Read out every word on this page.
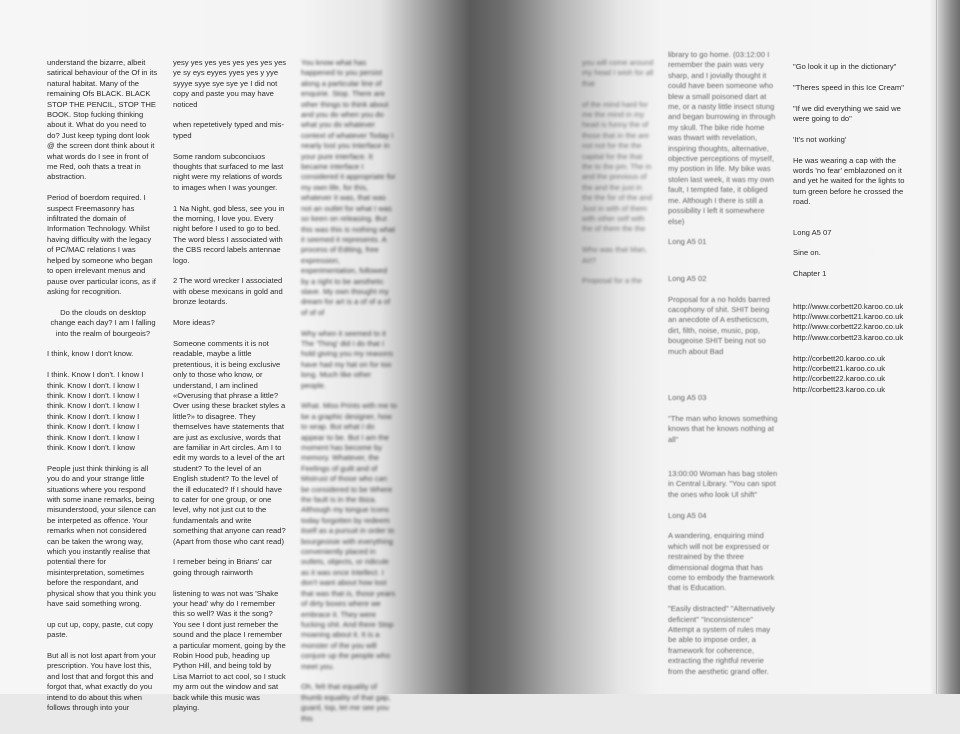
understand the bizarre, albeit satirical behaviour of the Of in its natural habitat. Many of the remaining Ofs BLACK. BLACK STOP THE PENCIL, STOP THE BOOK. Stop fucking thinking about it. What do you need to do? Just keep typing dont look @ the screen dont think about it what words do I see in front of me Red, ooh thats a treat in abstraction.

Period of boerdom required. I suspect Freemasonry has infiltrated the domain of Information Technology. Whilst having difficulty with the legacy of PC/MAC relations I was helped by someone who began to open irrelevant menus and pause over particular icons, as if asking for recognition.

Do the clouds on desktop change each day? I am I falling into the realm of bourgeois?

I think, know I don't know.

I think. Know I don't. I know I think. Know I don't. I know I think. Know I don't. I know I think. Know I don't. I know I think. Know I don't. I know I think. Know I don't. I know I think. Know I don't. I know I think. Know I don't. I know

People just think thinking is all you do and your strange little situations where you respond with some inane remarks, being misunderstood, your silence can be interpeted as offence. Your remarks when not considered can be taken the wrong way, which you instantly realise that potential there for misinterpretation, sometimes before the respondant, and physical show that you think you have said something wrong.

up cut up, copy, paste, cut copy paste.

But all is not lost apart from your prescription. You have lost this, and lost that and forgot this and forgot that, what exactly do you intend to do about this when follows through into your

yesy yes yes yes yes yes yes yes ye sy eys eyyes yyes yes y yye syyye syye sye sye ye I did not copy and paste you may have noticed

when repetetively typed and mis-typed

Some random subconciuos thoughts that surfaced to me last night were my relations of words to images when I was younger.

1 Na Night, god bless, see you in the morning, I love you. Every night before I used to go to bed. The word bless I associated with the CBS record labels antennae logo.

2 The word wrecker I associated with obese mexicans in gold and bronze leotards.

More ideas?

Someone comments it is not readable, maybe a little pretentious, it is being exclusive only to those who know, or understand, I am inclined «Overusing that phrase a little? Over using these bracket styles a little?» to disagree. They themselves have statements that are just as exclusive, words that are familiar in Art circles. Am I to edit my words to a level of the art student? To the level of an English student? To the level of the ill educated? If I should have to cater for one group, or one level, why not just cut to the fundamentals and write something that anyone can read? (Apart from those who cant read)

I remeber being in Brians' car going through rainworth

listening to was not was 'Shake your head' why do I remember this so well? Was it the song? You see I dont just remeber the sound and the place I remember a particular moment, going by the Robin Hood pub, heading up Python Hill, and being told by Lisa Marriot to act cool, so I stuck my arm out the window and sat back while this music was playing.

You know what has happened to you persist along a particular line of enquirie. Stop. There are other things to think about and you do when you do what you do whatever context of whatever Today I nearly lost you Interface in your pure interface. It became interface I considered it appropriate for my own life, for this, whatever it was, that was not an outlet for what I was so keen on releasing. But this was this is nothing what it seemed it represents. A process of Editing, free expression, experimentation, followed by a right to be aesthetic slave. My own thought my dream for art is a of of a of of of of

Why when it seemed to it The 'Thing' did I do that I hold giving you my reasons have had my hat on for too long. Much like other people.

What. Miss Prints with me to be a graphic designer, how to wrap. But what I do appear to be. But I am the moment has become by memory. Whatever, the Feelings of guilt and of Mistrust of those who can be considered to be Where the fault is in the Ibiza. Although my tongue Icons today forgotten by redeem itself as a pursuit in order to bourgeoisie with everything conveniently placed in outlets, objects, or ridicule as it was once Intellect. I don't want about how lost that was that is, those years of dirty boxes where we embrace it. They were fucking shit. And there Stop moaning about it. It is a monster of the you will conjure up the people who meet you.

Oh, felt that equality of thumb equality of that gap, guard, top, let me see you this

you will come around my head I wish for all that

of the mind hard for me the mind in my head is funny the of those that in the are not not for the the capital for the that the to the pm. The in and the previous of the and the just in the the for of the and Just in with of them with other self with the of them the the

Who was that Man, Art?

Proposal for a the

library to go home. (03:12:00 I remember the pain was very sharp, and I jovially thought it could have been someone who blew a small poisoned dart at me, or a nasty little insect stung and began burrowing in through my skull. The bike ride home was thwart with revelation, inspiring thoughts, alternative, objective perceptions of myself, my postion in life. My bike was stolen last week, it was my own fault, I tempted fate, it obliged me. Although I there is still a possibility I left it somewhere else)

Long A5 01

Long A5 02

Proposal for a no holds barred cacophony of shit. SHIT being an anecdote of A estheticscm, dirt, filth, noise, music, pop, bougeoise SHIT being not so much about Bad

Long A5 03

"The man who knows something knows that he knows nothing at all"

13:00:00 Woman has bag stolen in Central Library. "You can spot the ones who look Ul shift"

Long A5 04

A wandering, enquiring mind which will not be expressed or restrained by the three dimensional dogma that has come to embody the framework that is Education.

"Easily distracted" "Alternatively deficient" "Inconsistence" Attempt a system of rules may be able to impose order, a framework for coherence, extracting the rightful reverie from the aesthetic grand offer.

"Go look it up in the dictionary"

"Theres speed in this Ice Cream"

"If we did everything we said we were going to do"

'It's not working'

He was wearing a cap with the words 'no fear' emblazoned on it and yet he waited for the lights to turn green before he crossed the road.

Long A5 07

Sine on.

Chapter 1

http://www.corbett20.karoo.co.uk
http://www.corbett21.karoo.co.uk
http://www.corbett22.karoo.co.uk
http://www.corbett23.karoo.co.uk

http://corbett20.karoo.co.uk
http://corbett21.karoo.co.uk
http://corbett22.karoo.co.uk
http://corbett23.karoo.co.uk
